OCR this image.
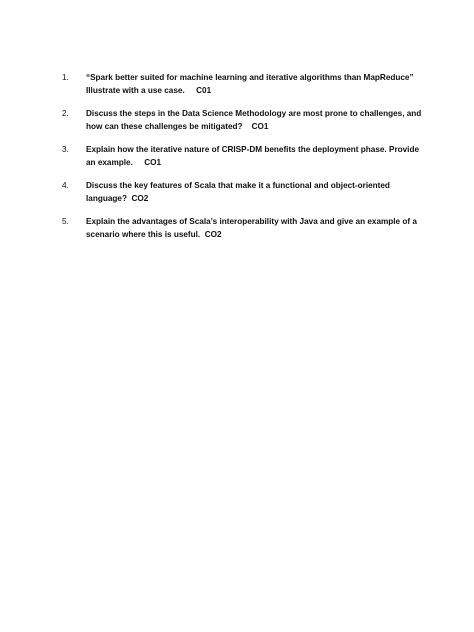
1.	“Spark better suited for machine learning and iterative algorithms than MapReduce” Illustrate with a use case.     C01
2.	Discuss the steps in the Data Science Methodology are most prone to challenges, and how can these challenges be mitigated?    CO1
3.	Explain how the iterative nature of CRISP-DM benefits the deployment phase. Provide an example.     CO1
4.	Discuss the key features of Scala that make it a functional and object-oriented language?  CO2
5.	Explain the advantages of Scala’s interoperability with Java and give an example of a scenario where this is useful.  CO2
